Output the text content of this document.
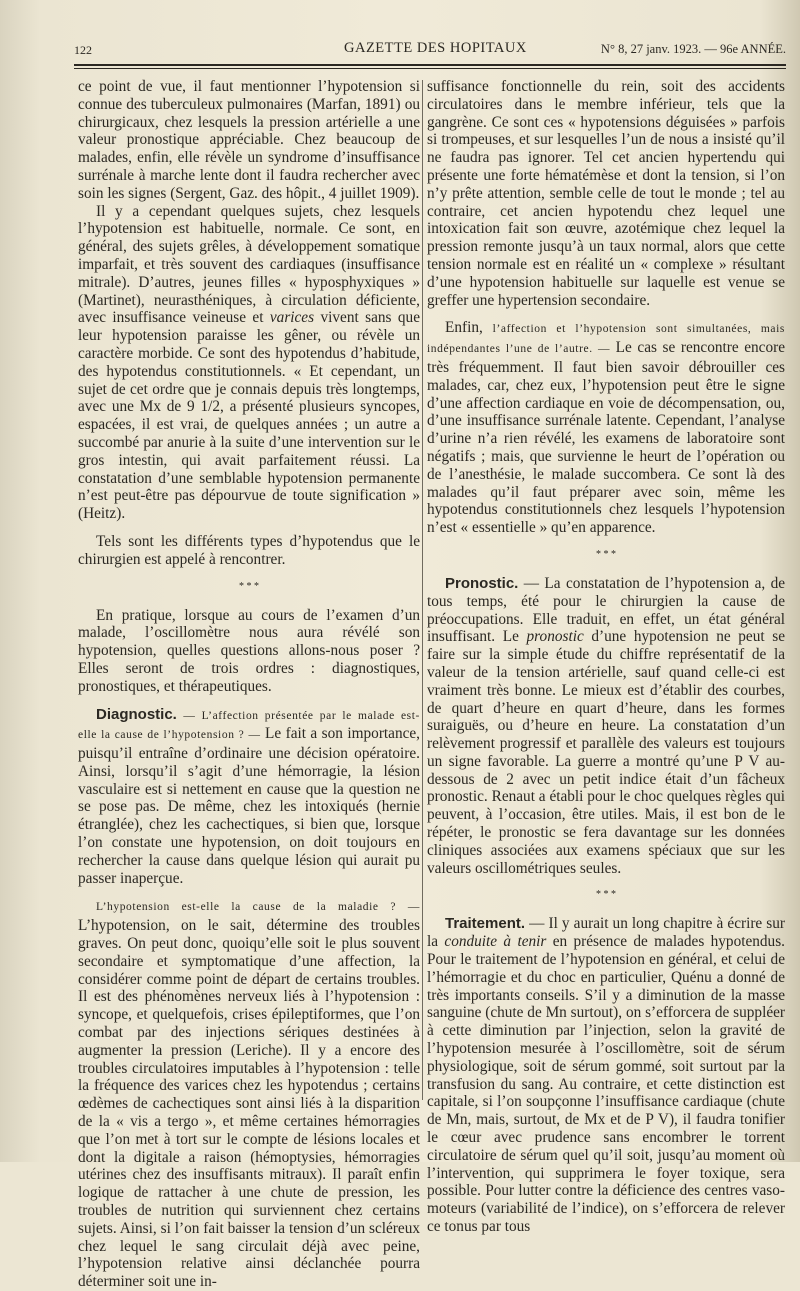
122	GAZETTE DES HOPITAUX	N° 8, 27 janv. 1923. — 96e ANNÉE.

ce point de vue, il faut mentionner l’hypotension si connue des tuberculeux pulmonaires (Marfan, 1891) ou chirurgicaux, chez lesquels la pression artérielle a une valeur pronostique appréciable. Chez beaucoup de malades, enfin, elle révèle un syndrome d’insuffisance surrénale à marche lente dont il faudra rechercher avec soin les signes (Sergent, Gaz. des hôpit., 4 juillet 1909).

Il y a cependant quelques sujets, chez lesquels l’hypotension est habituelle, normale. Ce sont, en général, des sujets grêles, à développement somatique imparfait, et très souvent des cardiaques (insuffisance mitrale). D’autres, jeunes filles « hyposphyxiques » (Martinet), neurasthéniques, à circulation déficiente, avec insuffisance veineuse et varices vivent sans que leur hypotension paraisse les gêner, ou révèle un caractère morbide. Ce sont des hypotendus d’habitude, des hypotendus constitutionnels. « Et cependant, un sujet de cet ordre que je connais depuis très longtemps, avec une Mx de 9 1/2, a présenté plusieurs syncopes, espacées, il est vrai, de quelques années ; un autre a succombé par anurie à la suite d’une intervention sur le gros intestin, qui avait parfaitement réussi. La constatation d’une semblable hypotension permanente n’est peut-être pas dépourvue de toute signification » (Heitz).

Tels sont les différents types d’hypotendus que le chirurgien est appelé à rencontrer.

* * *

En pratique, lorsque au cours de l’examen d’un malade, l’oscillomètre nous aura révélé son hypotension, quelles questions allons-nous poser ? Elles seront de trois ordres : diagnostiques, pronostiques, et thérapeutiques.

Diagnostic. — L’affection présentée par le malade est-elle la cause de l’hypotension ? — Le fait a son importance, puisqu’il entraîne d’ordinaire une décision opératoire. Ainsi, lorsqu’il s’agit d’une hémorragie, la lésion vasculaire est si nettement en cause que la question ne se pose pas. De même, chez les intoxiqués (hernie étranglée), chez les cachectiques, si bien que, lorsque l’on constate une hypotension, on doit toujours en rechercher la cause dans quelque lésion qui aurait pu passer inaperçue.

L’hypotension est-elle la cause de la maladie ? — L’hypotension, on le sait, détermine des troubles graves. On peut donc, quoiqu’elle soit le plus souvent secondaire et symptomatique d’une affection, la considérer comme point de départ de certains troubles. Il est des phénomènes nerveux liés à l’hypotension : syncope, et quelquefois, crises épileptiformes, que l’on combat par des injections sériques destinées à augmenter la pression (Leriche). Il y a encore des troubles circulatoires imputables à l’hypotension : telle la fréquence des varices chez les hypotendus ; certains œdèmes de cachectiques sont ainsi liés à la disparition de la « vis a tergo », et même certaines hémorragies que l’on met à tort sur le compte de lésions locales et dont la digitale a raison (hémoptysies, hémorragies utérines chez des insuffisants mitraux). Il paraît enfin logique de rattacher à une chute de pression, les troubles de nutrition qui surviennent chez certains sujets. Ainsi, si l’on fait baisser la tension d’un scléreux chez lequel le sang circulait déjà avec peine, l’hypotension relative ainsi déclanchée pourra déterminer soit une in-

suffisance fonctionnelle du rein, soit des accidents circulatoires dans le membre inférieur, tels que la gangrène. Ce sont ces « hypotensions déguisées » parfois si trompeuses, et sur lesquelles l’un de nous a insisté qu’il ne faudra pas ignorer. Tel cet ancien hypertendu qui présente une forte hématémèse et dont la tension, si l’on n’y prête attention, semble celle de tout le monde ; tel au contraire, cet ancien hypotendu chez lequel une intoxication fait son œuvre, azotémique chez lequel la pression remonte jusqu’à un taux normal, alors que cette tension normale est en réalité un « complexe » résultant d’une hypotension habituelle sur laquelle est venue se greffer une hypertension secondaire.

Enfin, l’affection et l’hypotension sont simultanées, mais indépendantes l’une de l’autre. — Le cas se rencontre encore très fréquemment. Il faut bien savoir débrouiller ces malades, car, chez eux, l’hypotension peut être le signe d’une affection cardiaque en voie de décompensation, ou, d’une insuffisance surrénale latente. Cependant, l’analyse d’urine n’a rien révélé, les examens de laboratoire sont négatifs ; mais, que survienne le heurt de l’opération ou de l’anesthésie, le malade succombera. Ce sont là des malades qu’il faut préparer avec soin, même les hypotendus constitutionnels chez lesquels l’hypotension n’est « essentielle » qu’en apparence.

* * *

Pronostic. — La constatation de l’hypotension a, de tous temps, été pour le chirurgien la cause de préoccupations. Elle traduit, en effet, un état général insuffisant. Le pronostic d’une hypotension ne peut se faire sur la simple étude du chiffre représentatif de la valeur de la tension artérielle, sauf quand celle-ci est vraiment très bonne. Le mieux est d’établir des courbes, de quart d’heure en quart d’heure, dans les formes suraiguës, ou d’heure en heure. La constatation d’un relèvement progressif et parallèle des valeurs est toujours un signe favorable. La guerre a montré qu’une P V au-dessous de 2 avec un petit indice était d’un fâcheux pronostic. Renaut a établi pour le choc quelques règles qui peuvent, à l’occasion, être utiles. Mais, il est bon de le répéter, le pronostic se fera davantage sur les données cliniques associées aux examens spéciaux que sur les valeurs oscillométriques seules.

* * *

Traitement. — Il y aurait un long chapitre à écrire sur la conduite à tenir en présence de malades hypotendus. Pour le traitement de l’hypotension en général, et celui de l’hémorragie et du choc en particulier, Quénu a donné de très importants conseils. S’il y a diminution de la masse sanguine (chute de Mn surtout), on s’efforcera de suppléer à cette diminution par l’injection, selon la gravité de l’hypotension mesurée à l’oscillomètre, soit de sérum physiologique, soit de sérum gommé, soit surtout par la transfusion du sang. Au contraire, et cette distinction est capitale, si l’on soupçonne l’insuffisance cardiaque (chute de Mn, mais, surtout, de Mx et de P V), il faudra tonifier le cœur avec prudence sans encombrer le torrent circulatoire de sérum quel qu’il soit, jusqu’au moment où l’intervention, qui supprimera le foyer toxique, sera possible. Pour lutter contre la déficience des centres vaso-moteurs (variabilité de l’indice), on s’efforcera de relever ce tonus par tous
